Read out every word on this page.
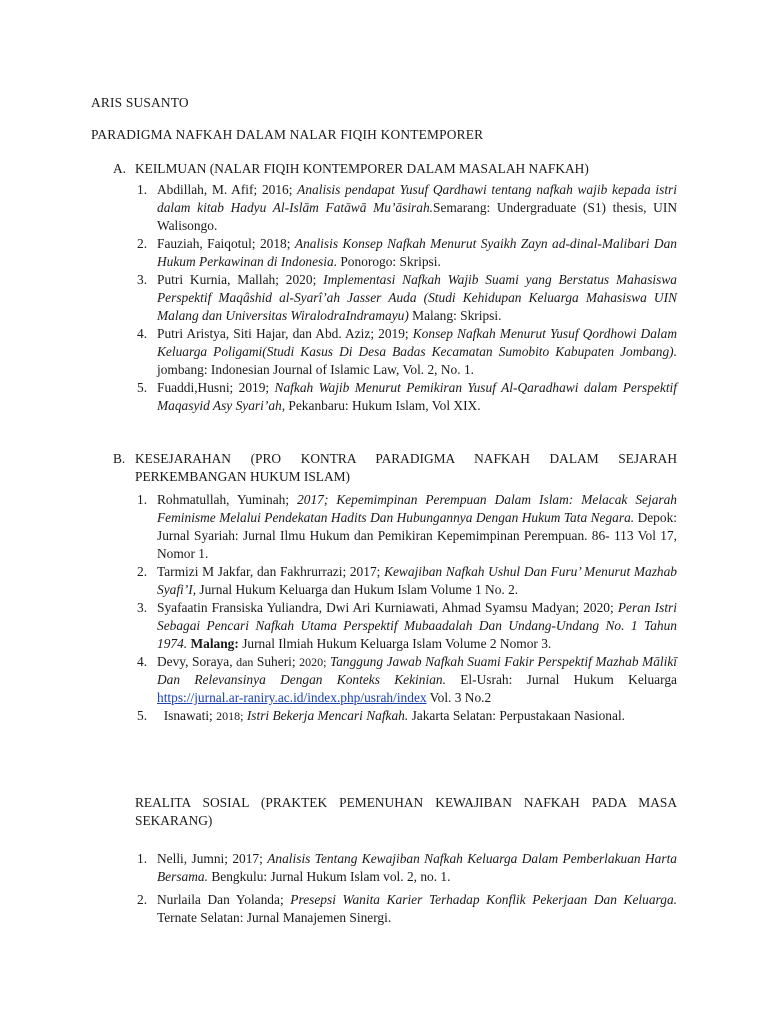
ARIS SUSANTO
PARADIGMA NAFKAH DALAM NALAR FIQIH KONTEMPORER
A. KEILMUAN (NALAR FIQIH KONTEMPORER DALAM MASALAH NAFKAH)
1. Abdillah, M. Afif; 2016; Analisis pendapat Yusuf Qardhawi tentang nafkah wajib kepada istri dalam kitab Hadyu Al-Islām Fatāwā Mu’āsirah.Semarang: Undergraduate (S1) thesis, UIN Walisongo.
2. Fauziah, Faiqotul; 2018; Analisis Konsep Nafkah Menurut Syaikh Zayn ad-dinal-Malibari Dan Hukum Perkawinan di Indonesia. Ponorogo: Skripsi.
3. Putri Kurnia, Mallah; 2020; Implementasi Nafkah Wajib Suami yang Berstatus Mahasiswa Perspektif Maqâshid al-Syarî’ah Jasser Auda (Studi Kehidupan Keluarga Mahasiswa UIN Malang dan Universitas WiralodraIndramayu) Malang: Skripsi.
4. Putri Aristya, Siti Hajar, dan Abd. Aziz; 2019; Konsep Nafkah Menurut Yusuf Qordhowi Dalam Keluarga Poligami(Studi Kasus Di Desa Badas Kecamatan Sumobito Kabupaten Jombang). jombang: Indonesian Journal of Islamic Law, Vol. 2, No. 1.
5. Fuaddi,Husni; 2019; Nafkah Wajib Menurut Pemikiran Yusuf Al-Qaradhawi dalam Perspektif Maqasyid Asy Syari’ah, Pekanbaru: Hukum Islam, Vol XIX.
B. KESEJARAHAN (PRO KONTRA PARADIGMA NAFKAH DALAM SEJARAH PERKEMBANGAN HUKUM ISLAM)
1. Rohmatullah, Yuminah; 2017; Kepemimpinan Perempuan Dalam Islam: Melacak Sejarah Feminisme Melalui Pendekatan Hadits Dan Hubungannya Dengan Hukum Tata Negara. Depok: Jurnal Syariah: Jurnal Ilmu Hukum dan Pemikiran Kepemimpinan Perempuan. 86- 113 Vol 17, Nomor 1.
2. Tarmizi M Jakfar, dan Fakhrurrazi; 2017; Kewajiban Nafkah Ushul Dan Furu’ Menurut Mazhab Syafi’I, Jurnal Hukum Keluarga dan Hukum Islam Volume 1 No. 2.
3. Syafaatin Fransiska Yuliandra, Dwi Ari Kurniawati, Ahmad Syamsu Madyan; 2020; Peran Istri Sebagai Pencari Nafkah Utama Perspektif Mubaadalah Dan Undang-Undang No. 1 Tahun 1974. Malang: Jurnal Ilmiah Hukum Keluarga Islam Volume 2 Nomor 3.
4. Devy, Soraya, dan Suheri; 2020; Tanggung Jawab Nafkah Suami Fakir Perspektif Mazhab Mālikī Dan Relevansinya Dengan Konteks Kekinian. El-Usrah: Jurnal Hukum Keluarga https://jurnal.ar-raniry.ac.id/index.php/usrah/index Vol. 3 No.2
5. Isnawati; 2018; Istri Bekerja Mencari Nafkah. Jakarta Selatan: Perpustakaan Nasional.
REALITA SOSIAL (PRAKTEK PEMENUHAN KEWAJIBAN NAFKAH PADA MASA SEKARANG)
1. Nelli, Jumni; 2017; Analisis Tentang Kewajiban Nafkah Keluarga Dalam Pemberlakuan Harta Bersama. Bengkulu: Jurnal Hukum Islam vol. 2, no. 1.
2. Nurlaila Dan Yolanda; Presepsi Wanita Karier Terhadap Konflik Pekerjaan Dan Keluarga. Ternate Selatan: Jurnal Manajemen Sinergi.
